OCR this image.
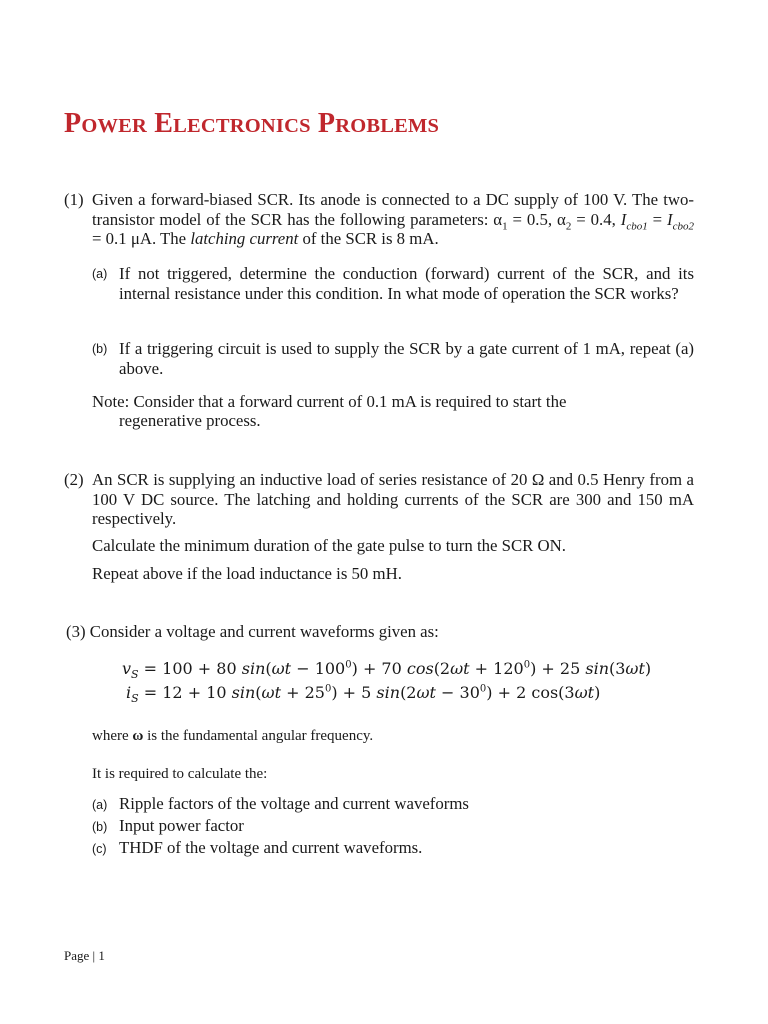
POWER ELECTRONICS PROBLEMS
(1) Given a forward-biased SCR. Its anode is connected to a DC supply of 100 V. The two-transistor model of the SCR has the following parameters: $\alpha_1 = 0.5$, $\alpha_2 = 0.4$, $I_{cbo1} = I_{cbo2} = 0.1$ μA. The latching current of the SCR is 8 mA.
(a) If not triggered, determine the conduction (forward) current of the SCR, and its internal resistance under this condition. In what mode of operation the SCR works?
(b) If a triggering circuit is used to supply the SCR by a gate current of 1 mA, repeat (a) above.
Note: Consider that a forward current of 0.1 mA is required to start the
regenerative process.
(2) An SCR is supplying an inductive load of series resistance of 20 Ω and 0.5 Henry from a 100 V DC source. The latching and holding currents of the SCR are 300 and 150 mA respectively.
Calculate the minimum duration of the gate pulse to turn the SCR ON.
Repeat above if the load inductance is 50 mH.
(3) Consider a voltage and current waveforms given as:
$v_S = 100 + 80$ $\sin(\omega t - 100^0) + 70$ $\cos(2\omega t + 120^0) + 25$ sin(3ωt)
$i_S = 12 + 10$ $\sin(\omega t + 25^0) + 5$ $\sin(2\omega t - 30^0) + 2$ cos(3ωt)
where ω is the fundamental angular frequency.
It is required to calculate the:
(a) Ripple factors of the voltage and current waveforms
(b) Input power factor
(c) THDF of the voltage and current waveforms.
Page | 1
